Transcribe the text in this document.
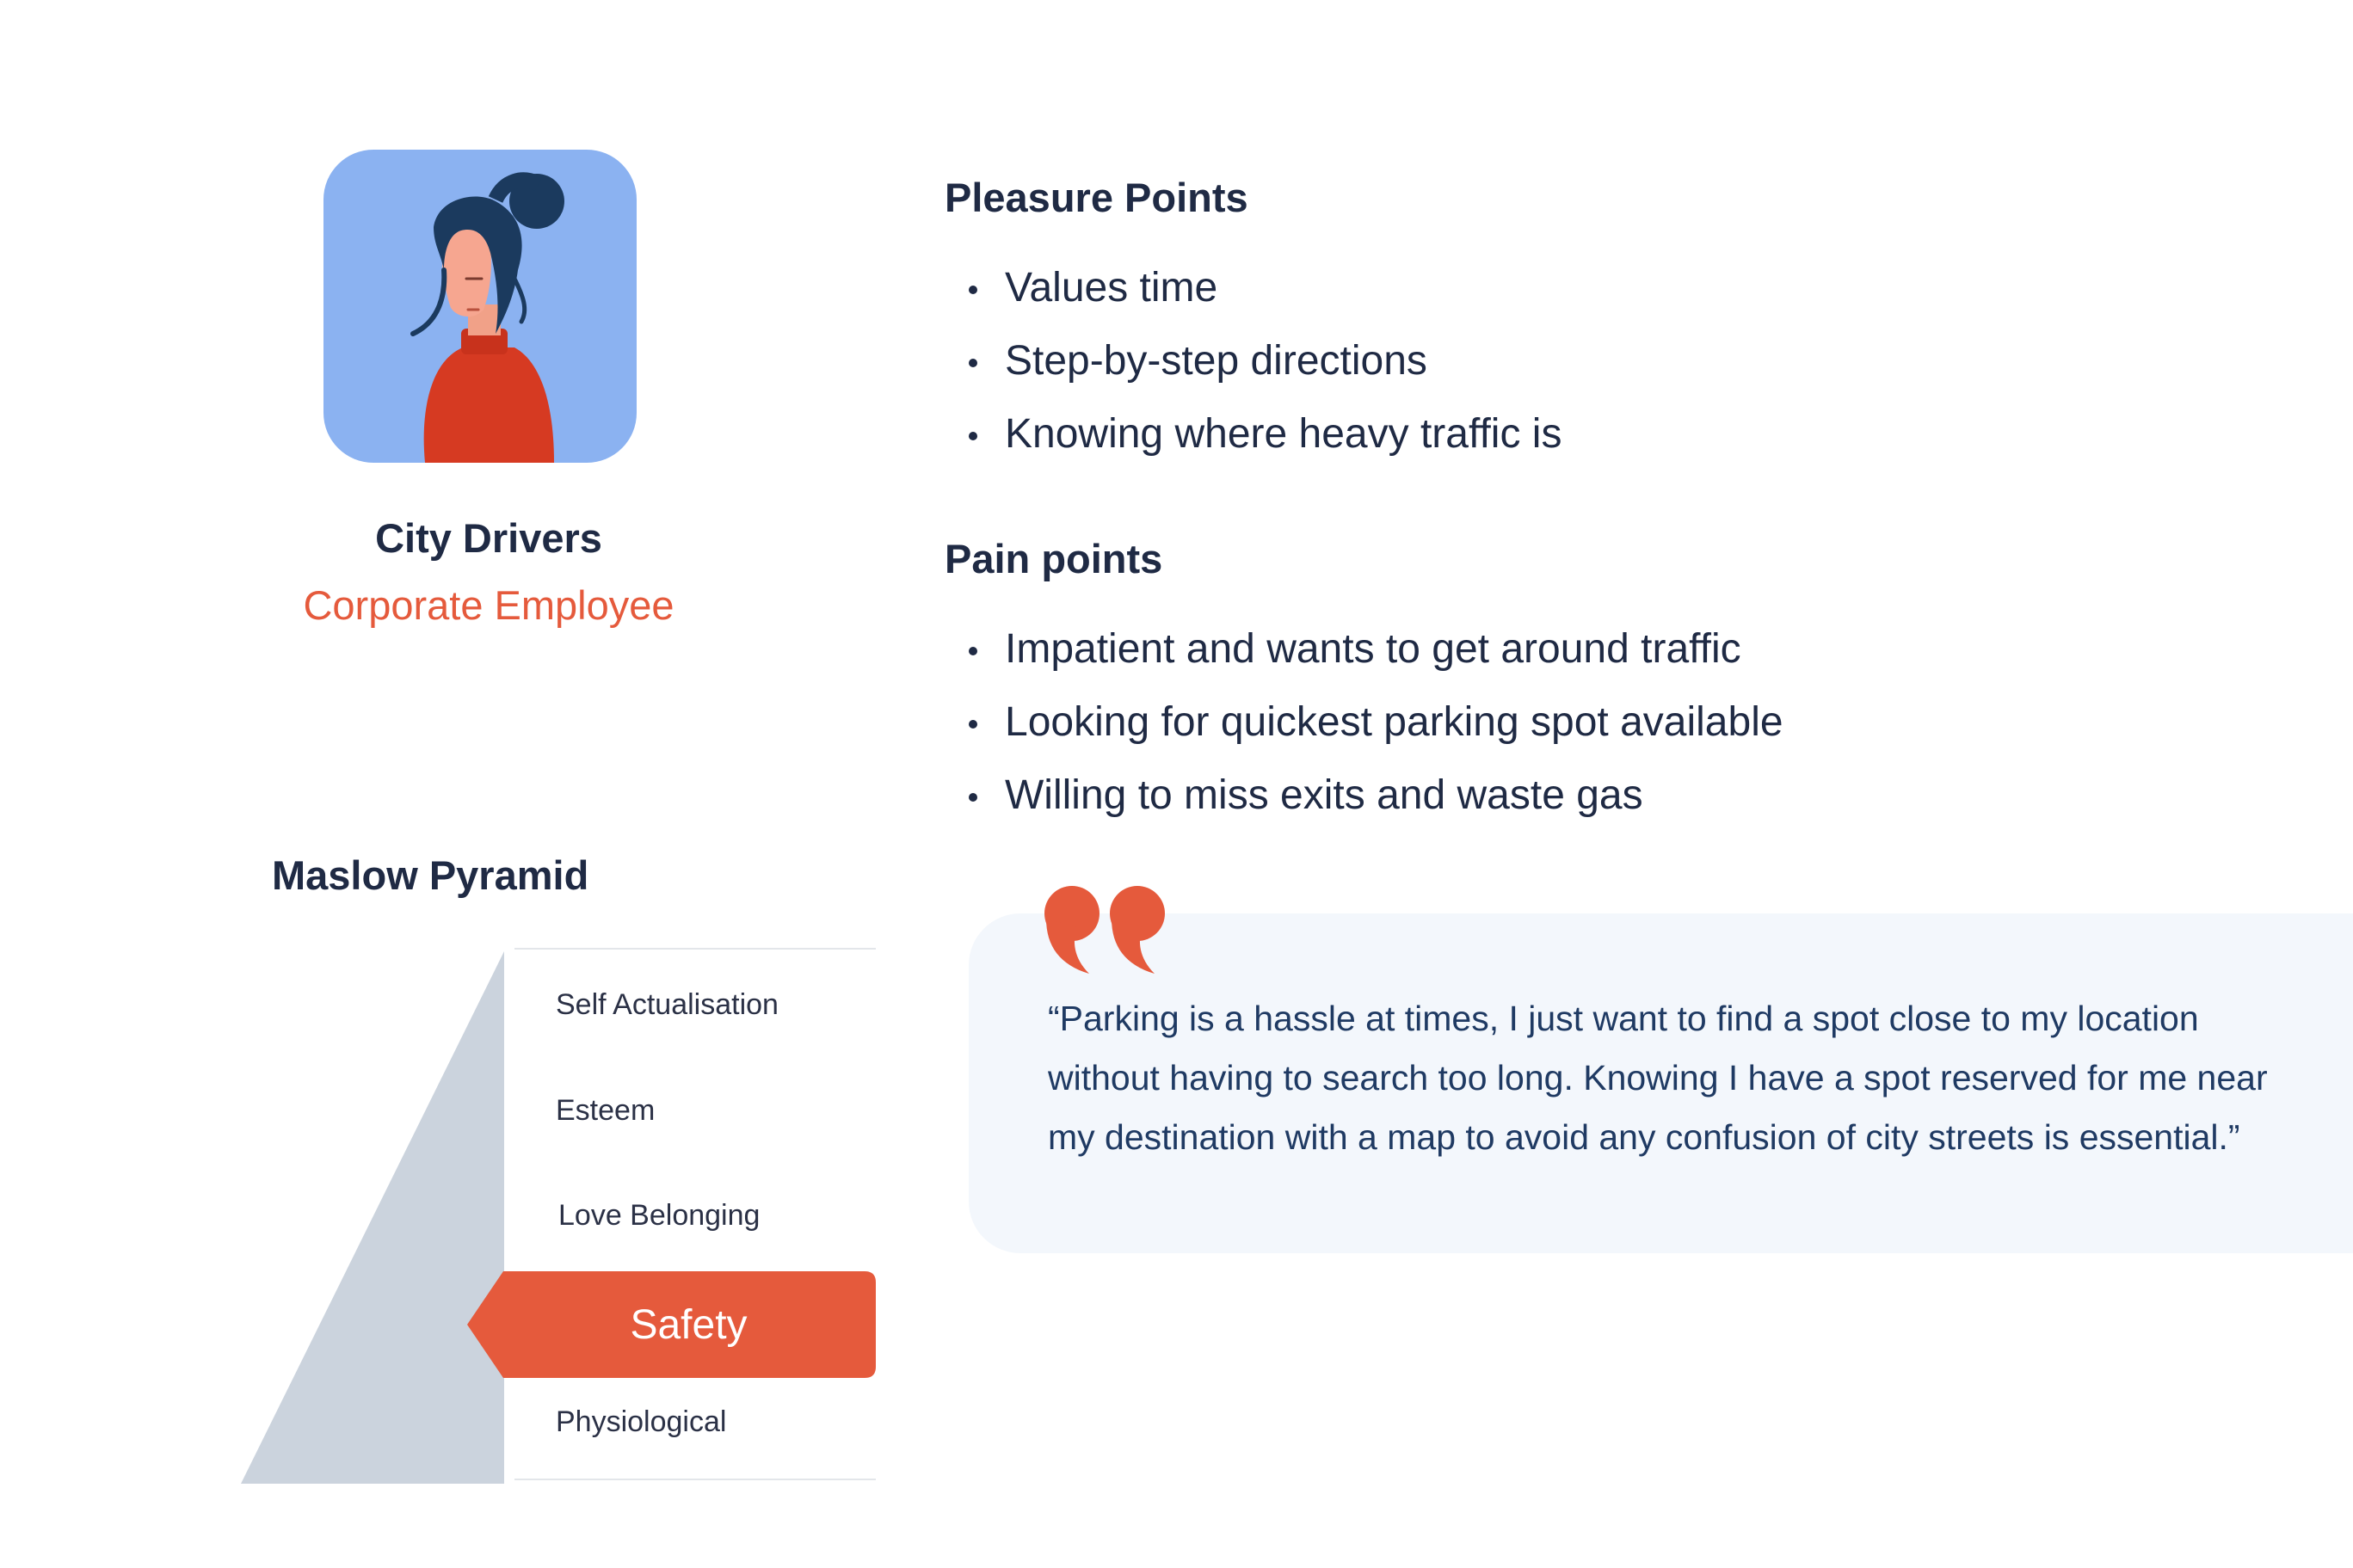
City Drivers
Corporate Employee
Pleasure Points
Values time
Step-by-step directions
Knowing where heavy traffic is
Pain points
Impatient and wants to get around traffic
Looking for quickest parking spot available
Willing to miss exits and waste gas
Maslow Pyramid
Self Actualisation
Esteem
Love Belonging
Safety
Physiological
“Parking is a hassle at times, I just want to find a spot close to my location without having to search too long. Knowing I have a spot reserved for me near my destination with a map to avoid any confusion of city streets is essential.”
